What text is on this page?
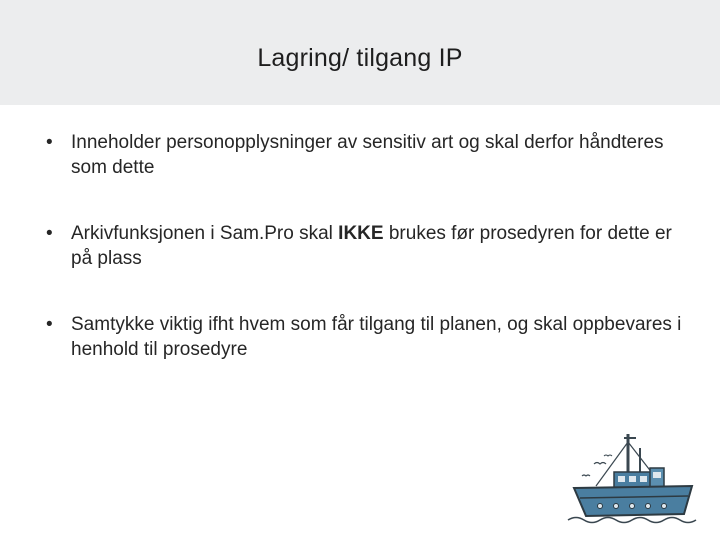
Lagring/ tilgang IP
• Inneholder personopplysninger av sensitiv art og skal derfor håndteres som dette
• Arkivfunksjonen i Sam.Pro skal IKKE brukes før prosedyren for dette er på plass
• Samtykke viktig ifht hvem som får tilgang til planen, og skal oppbevares i henhold til prosedyre
